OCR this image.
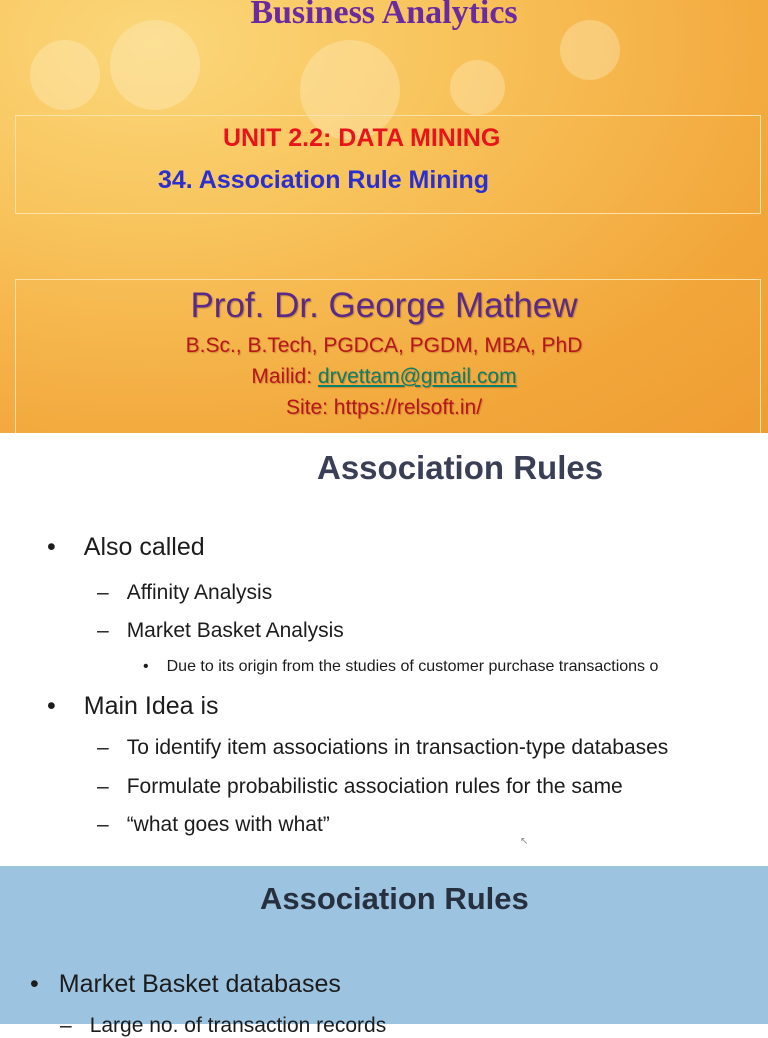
Business Analytics
UNIT 2.2: DATA MINING
34. Association Rule Mining
Prof. Dr. George Mathew
B.Sc., B.Tech, PGDCA, PGDM, MBA, PhD
Mailid: drvettam@gmail.com
Site: https://relsoft.in/
Association Rules
• Also called
– Affinity Analysis
– Market Basket Analysis
• Due to its origin from the studies of customer purchase transactions o
• Main Idea is
– To identify item associations in transaction-type databases
– Formulate probabilistic association rules for the same
– “what goes with what”
↖
Association Rules
• Market Basket databases
– Large no. of transaction records
